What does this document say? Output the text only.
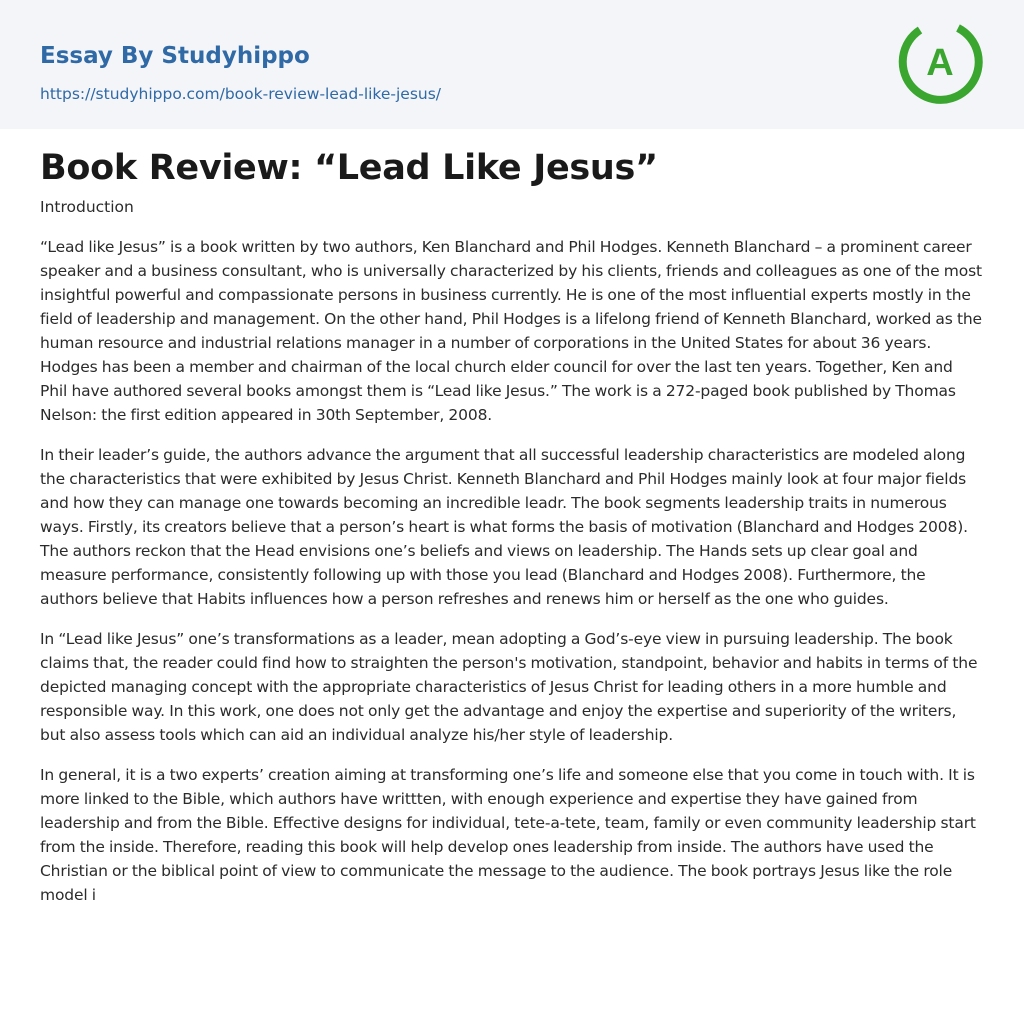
Essay By Studyhippo
https://studyhippo.com/book-review-lead-like-jesus/
A
Book Review: “Lead Like Jesus”
Introduction

“Lead like Jesus” is a book written by two authors, Ken Blanchard and Phil Hodges. Kenneth Blanchard – a prominent career speaker and a business consultant, who is universally characterized by his clients, friends and colleagues as one of the most insightful powerful and compassionate persons in business currently. He is one of the most influential experts mostly in the field of leadership and management. On the other hand, Phil Hodges is a lifelong friend of Kenneth Blanchard, worked as the human resource and industrial relations manager in a number of corporations in the United States for about 36 years. Hodges has been a member and chairman of the local church elder council for over the last ten years. Together, Ken and Phil have authored several books amongst them is “Lead like Jesus.” The work is a 272-paged book published by Thomas Nelson: the first edition appeared in 30th September, 2008.

In their leader’s guide, the authors advance the argument that all successful leadership characteristics are modeled along the characteristics that were exhibited by Jesus Christ. Kenneth Blanchard and Phil Hodges mainly look at four major fields and how they can manage one towards becoming an incredible leadr. The book segments leadership traits in numerous ways. Firstly, its creators believe that a person’s heart is what forms the basis of motivation (Blanchard and Hodges 2008). The authors reckon that the Head envisions one’s beliefs and views on leadership. The Hands sets up clear goal and measure performance, consistently following up with those you lead (Blanchard and Hodges 2008). Furthermore, the authors believe that Habits influences how a person refreshes and renews him or herself as the one who guides.

In “Lead like Jesus” one’s transformations as a leader, mean adopting a God’s-eye view in pursuing leadership. The book claims that, the reader could find how to straighten the person's motivation, standpoint, behavior and habits in terms of the depicted managing concept with the appropriate characteristics of Jesus Christ for leading others in a more humble and responsible way. In this work, one does not only get the advantage and enjoy the expertise and superiority of the writers, but also assess tools which can aid an individual analyze his/her style of leadership.

In general, it is a two experts’ creation aiming at transforming one’s life and someone else that you come in touch with. It is more linked to the Bible, which authors have writtten, with enough experience and expertise they have gained from leadership and from the Bible. Effective designs for individual, tete-a-tete, team, family or even community leadership start from the inside. Therefore, reading this book will help develop ones leadership from inside. The authors have used the Christian or the biblical point of view to communicate the message to the audience. The book portrays Jesus like the role model i
